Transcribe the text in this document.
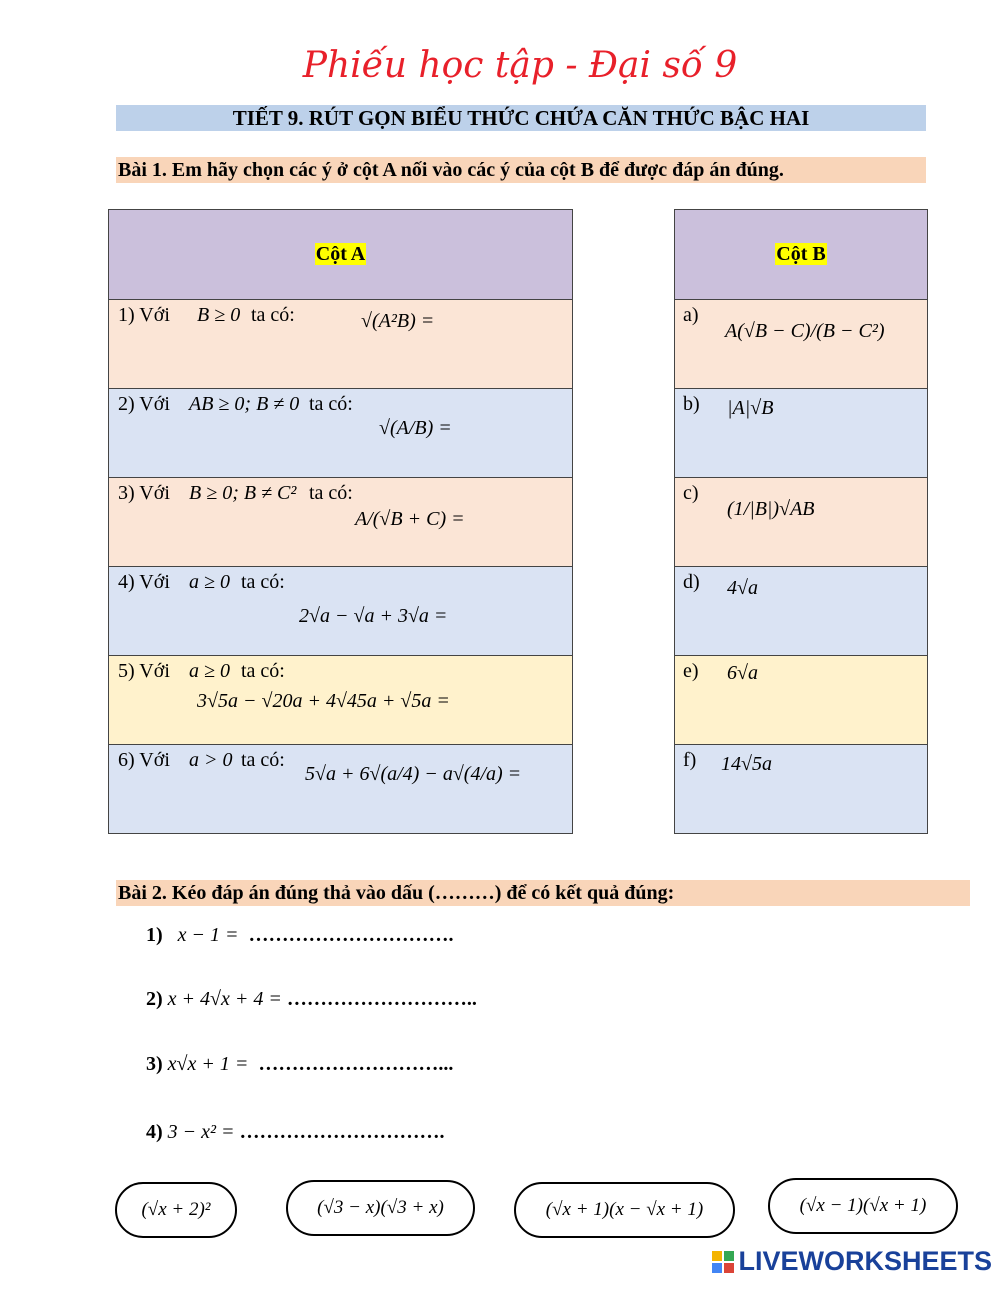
Phiếu học tập - Đại số 9
TIẾT 9. RÚT GỌN BIỂU THỨC CHỨA CĂN THỨC BẬC HAI
Bài 1. Em hãy chọn các ý ở cột A nối vào các ý của cột B để được đáp án đúng.
Cột A

1) Với B ≥ 0 ta có:	√(A²B) =

2) Với AB ≥ 0; B ≠ 0 ta có:
√(A/B) =

3) Với B ≥ 0; B ≠ C² ta có:
A/(√B + C) =

4) Với a ≥ 0 ta có:
2√a − √a + 3√a =

5) Với a ≥ 0 ta có:
3√5a − √20a + 4√45a + √5a =

6) Với a > 0 ta có:
5√a + 6√(a/4) − a√(4/a) =
Cột B

a)
A(√B − C)/(B − C²)

b) |A|√B

c)
(1/|B|)√AB

d) 4√a

e) 6√a

f) 14√5a
Bài 2. Kéo đáp án đúng thả vào dấu (………) để có kết quả đúng:
1) x − 1 = ………………………….
2) x + 4√x + 4 = ………………………..
3) x√x + 1 = ………………………...
4) 3 − x² = ………………………….
(√x + 2)²	(√3 − x)(√3 + x)	(√x + 1)(x − √x + 1)	(√x − 1)(√x + 1)
LIVEWORKSHEETS
